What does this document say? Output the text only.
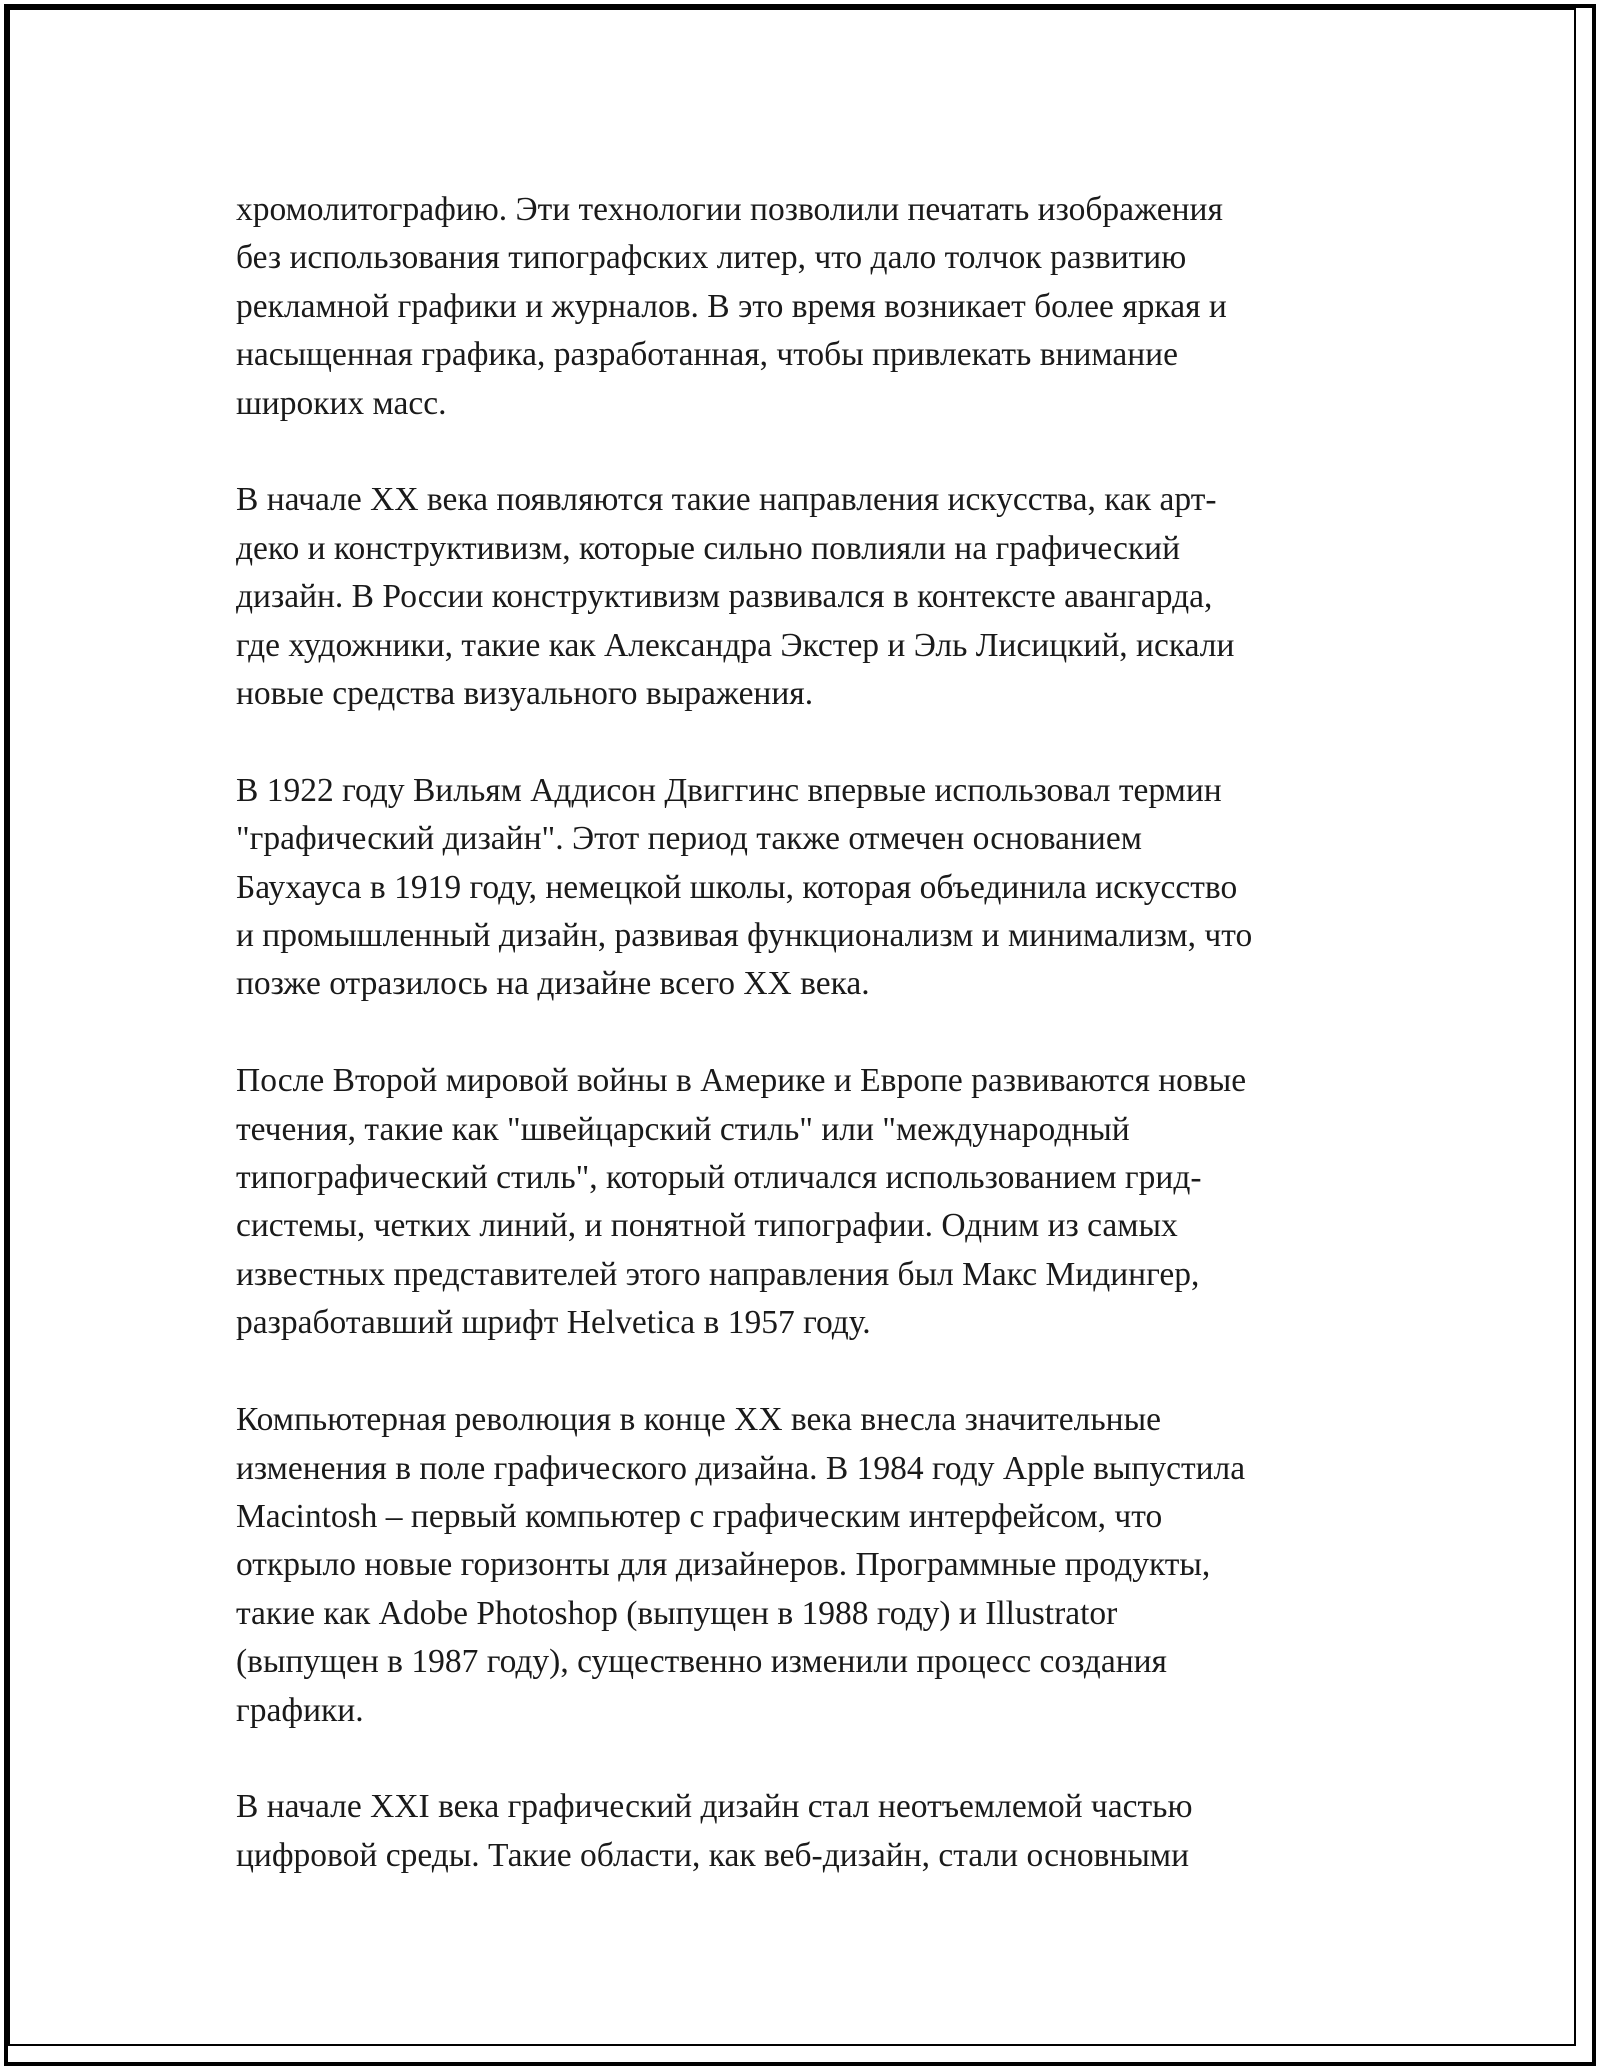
хромолитографию. Эти технологии позволили печатать изображения
без использования типографских литер, что дало толчок развитию
рекламной графики и журналов. В это время возникает более яркая и
насыщенная графика, разработанная, чтобы привлекать внимание
широких масс.

В начале XX века появляются такие направления искусства, как арт-
деко и конструктивизм, которые сильно повлияли на графический
дизайн. В России конструктивизм развивался в контексте авангарда,
где художники, такие как Александра Экстер и Эль Лисицкий, искали
новые средства визуального выражения.

В 1922 году Вильям Аддисон Двиггинс впервые использовал термин
"графический дизайн". Этот период также отмечен основанием
Баухауса в 1919 году, немецкой школы, которая объединила искусство
и промышленный дизайн, развивая функционализм и минимализм, что
позже отразилось на дизайне всего XX века.

После Второй мировой войны в Америке и Европе развиваются новые
течения, такие как "швейцарский стиль" или "международный
типографический стиль", который отличался использованием грид-
системы, четких линий, и понятной типографии. Одним из самых
известных представителей этого направления был Макс Мидингер,
разработавший шрифт Helvetica в 1957 году.

Компьютерная революция в конце XX века внесла значительные
изменения в поле графического дизайна. В 1984 году Apple выпустила
Macintosh – первый компьютер с графическим интерфейсом, что
открыло новые горизонты для дизайнеров. Программные продукты,
такие как Adobe Photoshop (выпущен в 1988 году) и Illustrator
(выпущен в 1987 году), существенно изменили процесс создания
графики.

В начале XXI века графический дизайн стал неотъемлемой частью
цифровой среды. Такие области, как веб-дизайн, стали основными
